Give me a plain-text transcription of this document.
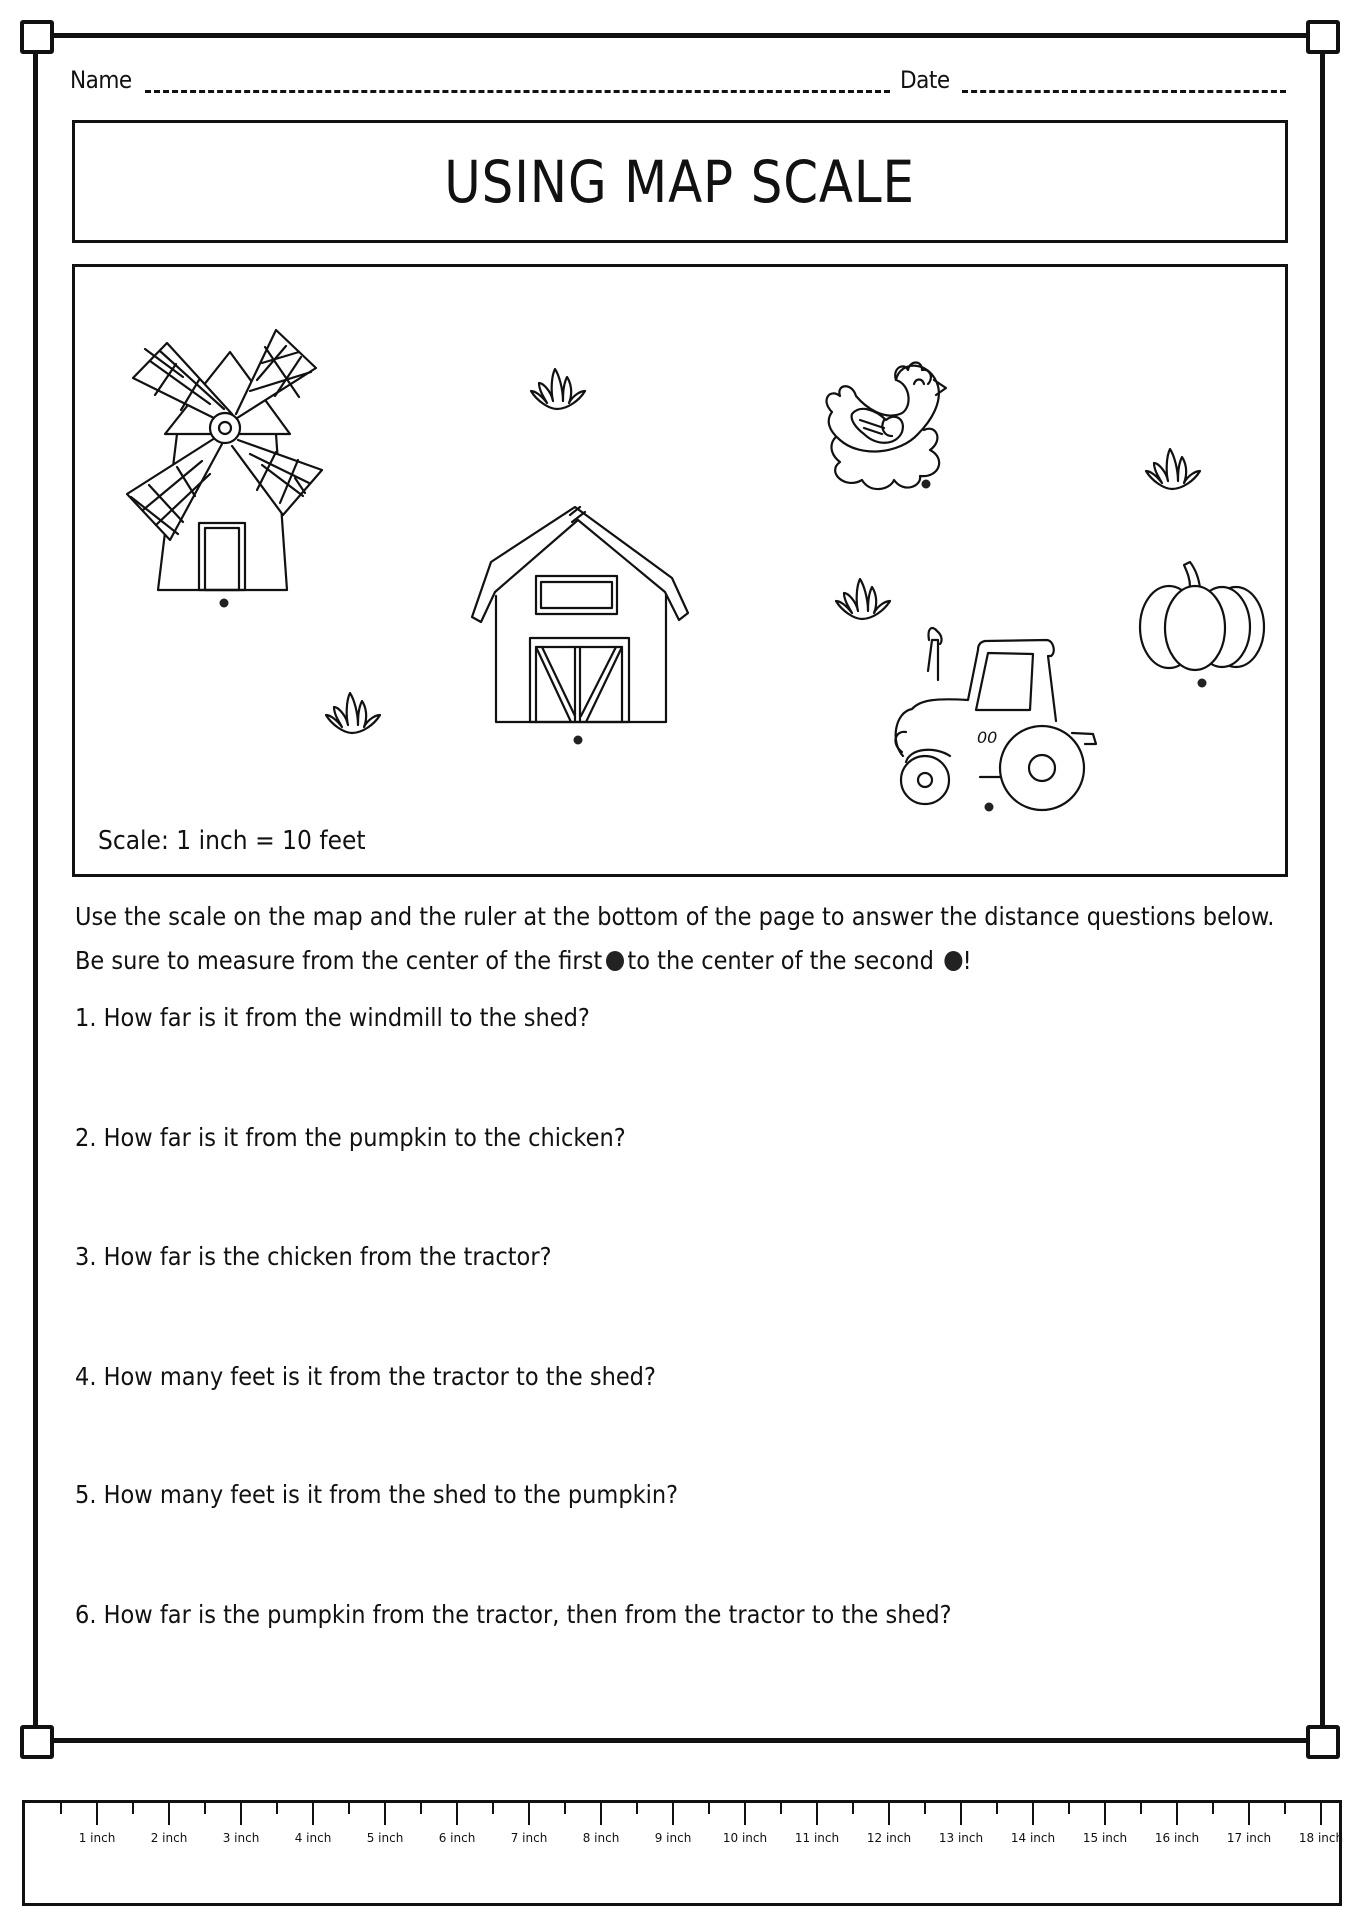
Name	Date
USING MAP SCALE
Scale: 1 inch = 10 feet
00
Use the scale on the map and the ruler at the bottom of the page to answer the distance questions below.
Be sure to measure from the center of the first to the center of the second !
1. How far is it from the windmill to the shed?
2. How far is it from the pumpkin to the chicken?
3. How far is the chicken from the tractor?
4. How many feet is it from the tractor to the shed?
5. How many feet is it from the shed to the pumpkin?
6. How far is the pumpkin from the tractor, then from the tractor to the shed?
1 inch	2 inch	3 inch	4 inch	5 inch	6 inch	7 inch	8 inch	9 inch	10 inch 11 inch 12 inch 13 inch 14 inch 15 inch 16 inch 17 inch 18 inch
